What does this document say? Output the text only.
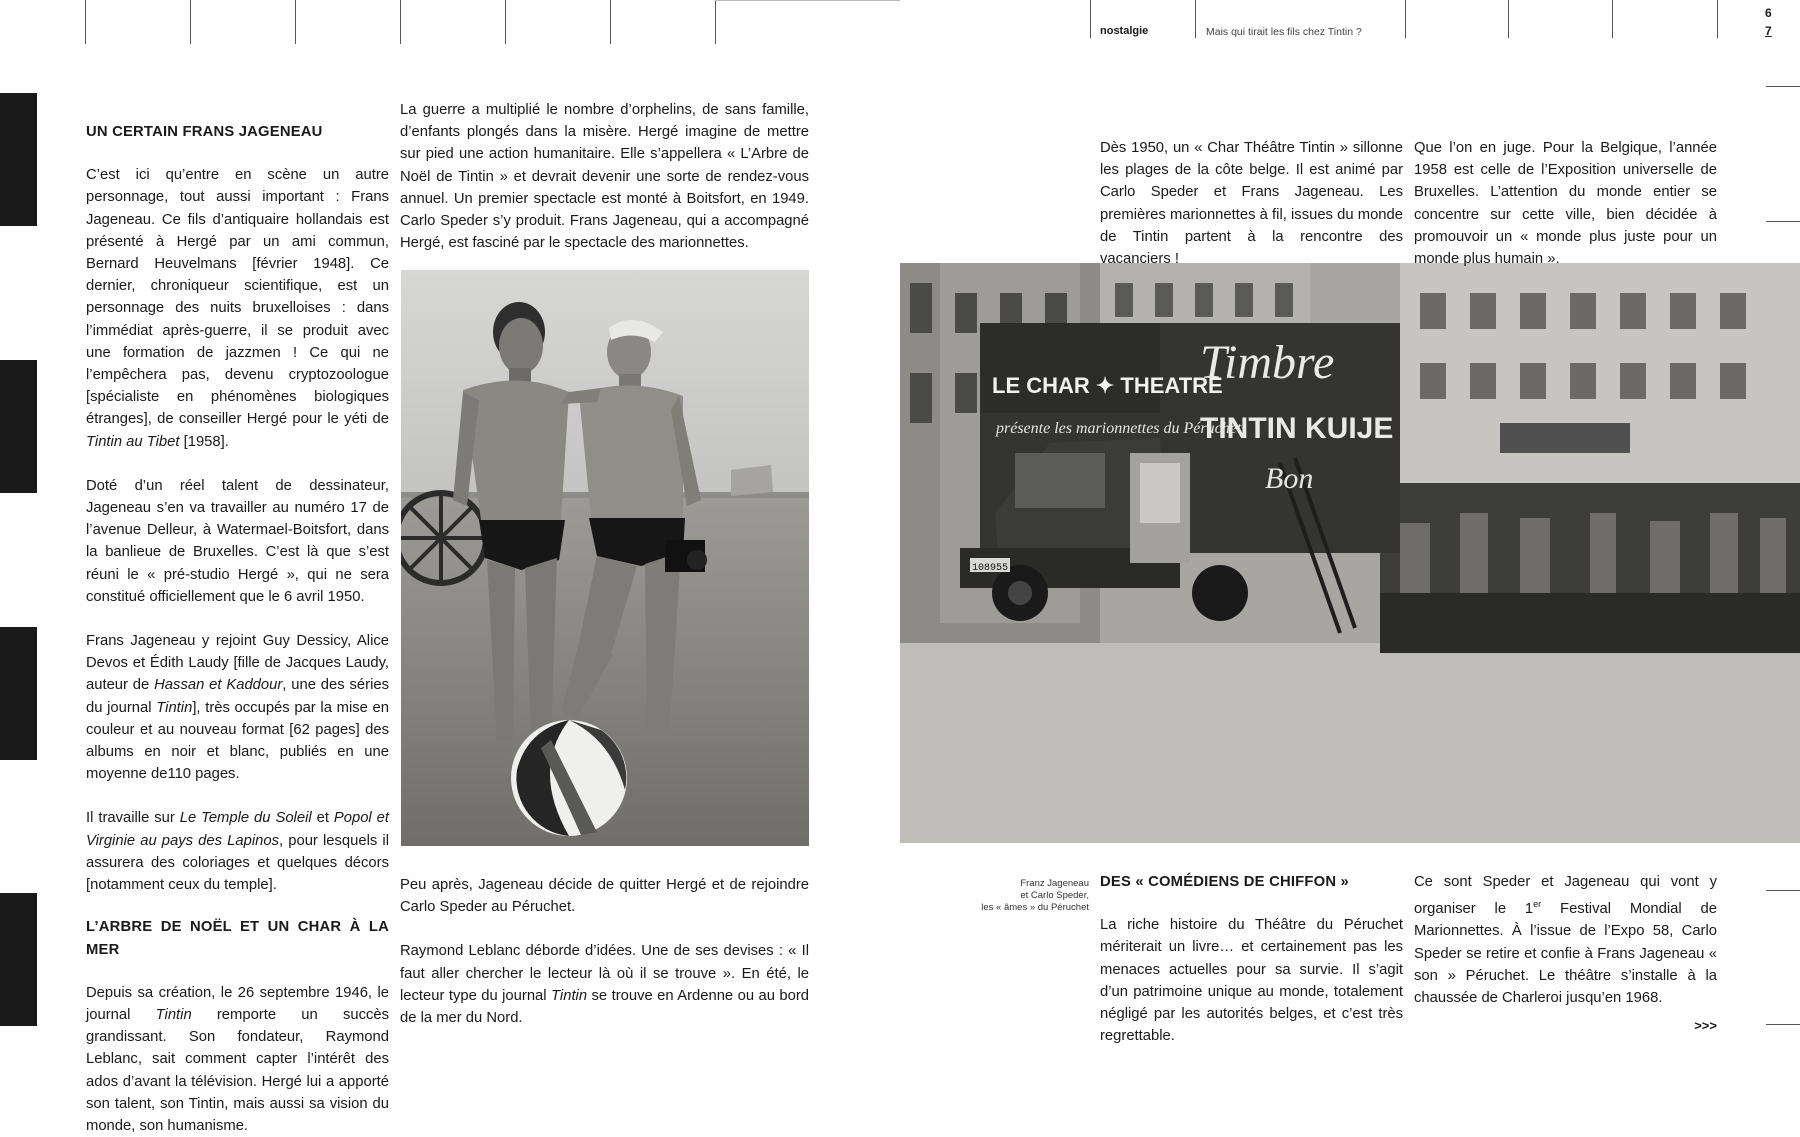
nostalgie	Mais qui tirait les fils chez Tintin ?
6
7

UN CERTAIN FRANS JAGENEAU

C’est ici qu’entre en scène un autre personnage, tout aussi important : Frans Jageneau. Ce fils d’antiquaire hollandais est présenté à Hergé par un ami commun, Bernard Heuvelmans [février 1948]. Ce dernier, chroniqueur scientifique, est un personnage des nuits bruxelloises : dans l’immédiat après-guerre, il se produit avec une formation de jazzmen ! Ce qui ne l’empêchera pas, devenu cryptozoologue [spécialiste en phénomènes biologiques étranges], de conseiller Hergé pour le yéti de Tintin au Tibet [1958].

Doté d’un réel talent de dessinateur, Jageneau s’en va travailler au numéro 17 de l’avenue Delleur, à Watermael-Boitsfort, dans la banlieue de Bruxelles. C’est là que s’est réuni le « pré-studio Hergé », qui ne sera constitué officiellement que le 6 avril 1950.

Frans Jageneau y rejoint Guy Dessicy, Alice Devos et Édith Laudy [fille de Jacques Laudy, auteur de Hassan et Kaddour, une des séries du journal Tintin], très occupés par la mise en couleur et au nouveau format [62 pages] des albums en noir et blanc, publiés en une moyenne de110 pages.

Il travaille sur Le Temple du Soleil et Popol et Virginie au pays des Lapinos, pour lesquels il assurera des coloriages et quelques décors [notamment ceux du temple].

L’ARBRE DE NOËL ET UN CHAR À LA MER

Depuis sa création, le 26 septembre 1946, le journal Tintin remporte un succès grandissant. Son fondateur, Raymond Leblanc, sait comment capter l’intérêt des ados d’avant la télévision. Hergé lui a apporté son talent, son Tintin, mais aussi sa vision du monde, son humanisme.

La guerre a multiplié le nombre d’orphelins, de sans famille, d’enfants plongés dans la misère. Hergé imagine de mettre sur pied une action humanitaire. Elle s’appellera « L’Arbre de Noël de Tintin » et devrait devenir une sorte de rendez-vous annuel. Un premier spectacle est monté à Boitsfort, en 1949. Carlo Speder s’y produit. Frans Jageneau, qui a accompagné Hergé, est fasciné par le spectacle des marionnettes.

Peu après, Jageneau décide de quitter Hergé et de rejoindre Carlo Speder au Péruchet.

Raymond Leblanc déborde d’idées. Une de ses devises : « Il faut aller chercher le lecteur là où il se trouve ». En été, le lecteur type du journal Tintin se trouve en Ardenne ou au bord de la mer du Nord.

LE CHAR ✦ THEATRE
Timbre
TINTIN KUIJE
présente les marionnettes du Péruchet
Bon
108955
Franz Jageneau
et Carlo Speder,
les « âmes » du Péruchet

Dès 1950, un « Char Théâtre Tintin » sillonne les plages de la côte belge. Il est animé par Carlo Speder et Frans Jageneau. Les premières marionnettes à fil, issues du monde de Tintin partent à la rencontre des vacanciers !

DES « COMÉDIENS DE CHIFFON »

La riche histoire du Théâtre du Péruchet mériterait un livre… et certainement pas les menaces actuelles pour sa survie. Il s’agit d’un patrimoine unique au monde, totalement négligé par les autorités belges, et c’est très regrettable.

Que l’on en juge. Pour la Belgique, l’année 1958 est celle de l’Exposition universelle de Bruxelles. L’attention du monde entier se concentre sur cette ville, bien décidée à promouvoir un « monde plus juste pour un monde plus humain ».

Ce sont Speder et Jageneau qui vont y organiser le 1er Festival Mondial de Marionnettes. À l’issue de l’Expo 58, Carlo Speder se retire et confie à Frans Jageneau « son » Péruchet. Le théâtre s’installe à la chaussée de Charleroi jusqu’en 1968.

>>>
